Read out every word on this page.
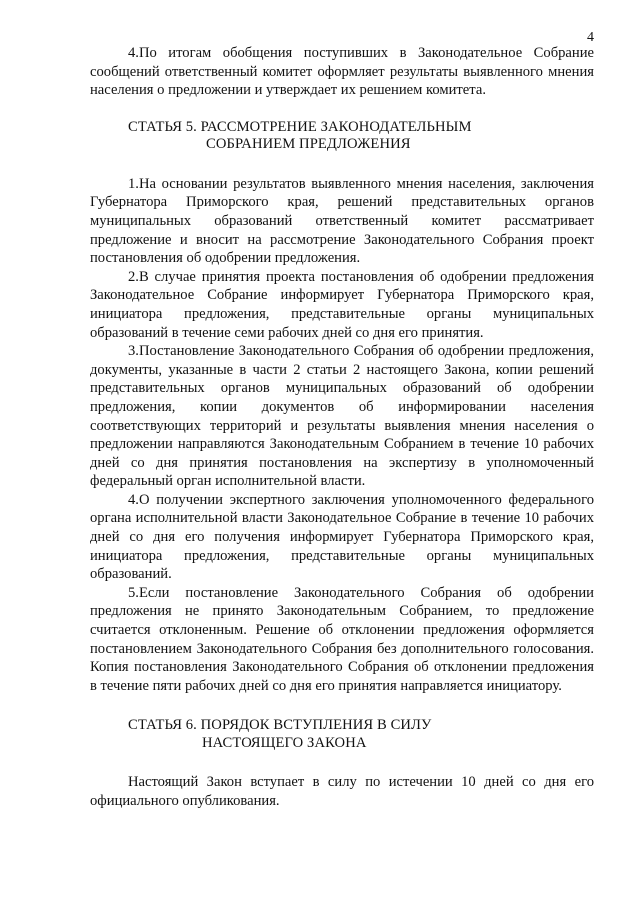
4

4.По итогам обобщения поступивших в Законодательное Собрание сообщений ответственный комитет оформляет результаты выявленного мнения населения о предложении и утверждает их решением комитета.

СТАТЬЯ 5. РАССМОТРЕНИЕ ЗАКОНОДАТЕЛЬНЫМ
СОБРАНИЕМ ПРЕДЛОЖЕНИЯ

1.На основании результатов выявленного мнения населения, заключения Губернатора Приморского края, решений представительных органов муниципальных образований ответственный комитет рассматривает предложение и вносит на рассмотрение Законодательного Собрания проект постановления об одобрении предложения.

2.В случае принятия проекта постановления об одобрении предложения Законодательное Собрание информирует Губернатора Приморского края, инициатора предложения, представительные органы муниципальных образований в течение семи рабочих дней со дня его принятия.

3.Постановление Законодательного Собрания об одобрении предложения, документы, указанные в части 2 статьи 2 настоящего Закона, копии решений представительных органов муниципальных образований об одобрении предложения, копии документов об информировании населения соответствующих территорий и результаты выявления мнения населения о предложении направляются Законодательным Собранием в течение 10 рабочих дней со дня принятия постановления на экспертизу в уполномоченный федеральный орган исполнительной власти.

4.О получении экспертного заключения уполномоченного федерального органа исполнительной власти Законодательное Собрание в течение 10 рабочих дней со дня его получения информирует Губернатора Приморского края, инициатора предложения, представительные органы муниципальных образований.

5.Если постановление Законодательного Собрания об одобрении предложения не принято Законодательным Собранием, то предложение считается отклоненным. Решение об отклонении предложения оформляется постановлением Законодательного Собрания без дополнительного голосования. Копия постановления Законодательного Собрания об отклонении предложения в течение пяти рабочих дней со дня его принятия направляется инициатору.

СТАТЬЯ 6. ПОРЯДОК ВСТУПЛЕНИЯ В СИЛУ
НАСТОЯЩЕГО ЗАКОНА

Настоящий Закон вступает в силу по истечении 10 дней со дня его официального опубликования.
